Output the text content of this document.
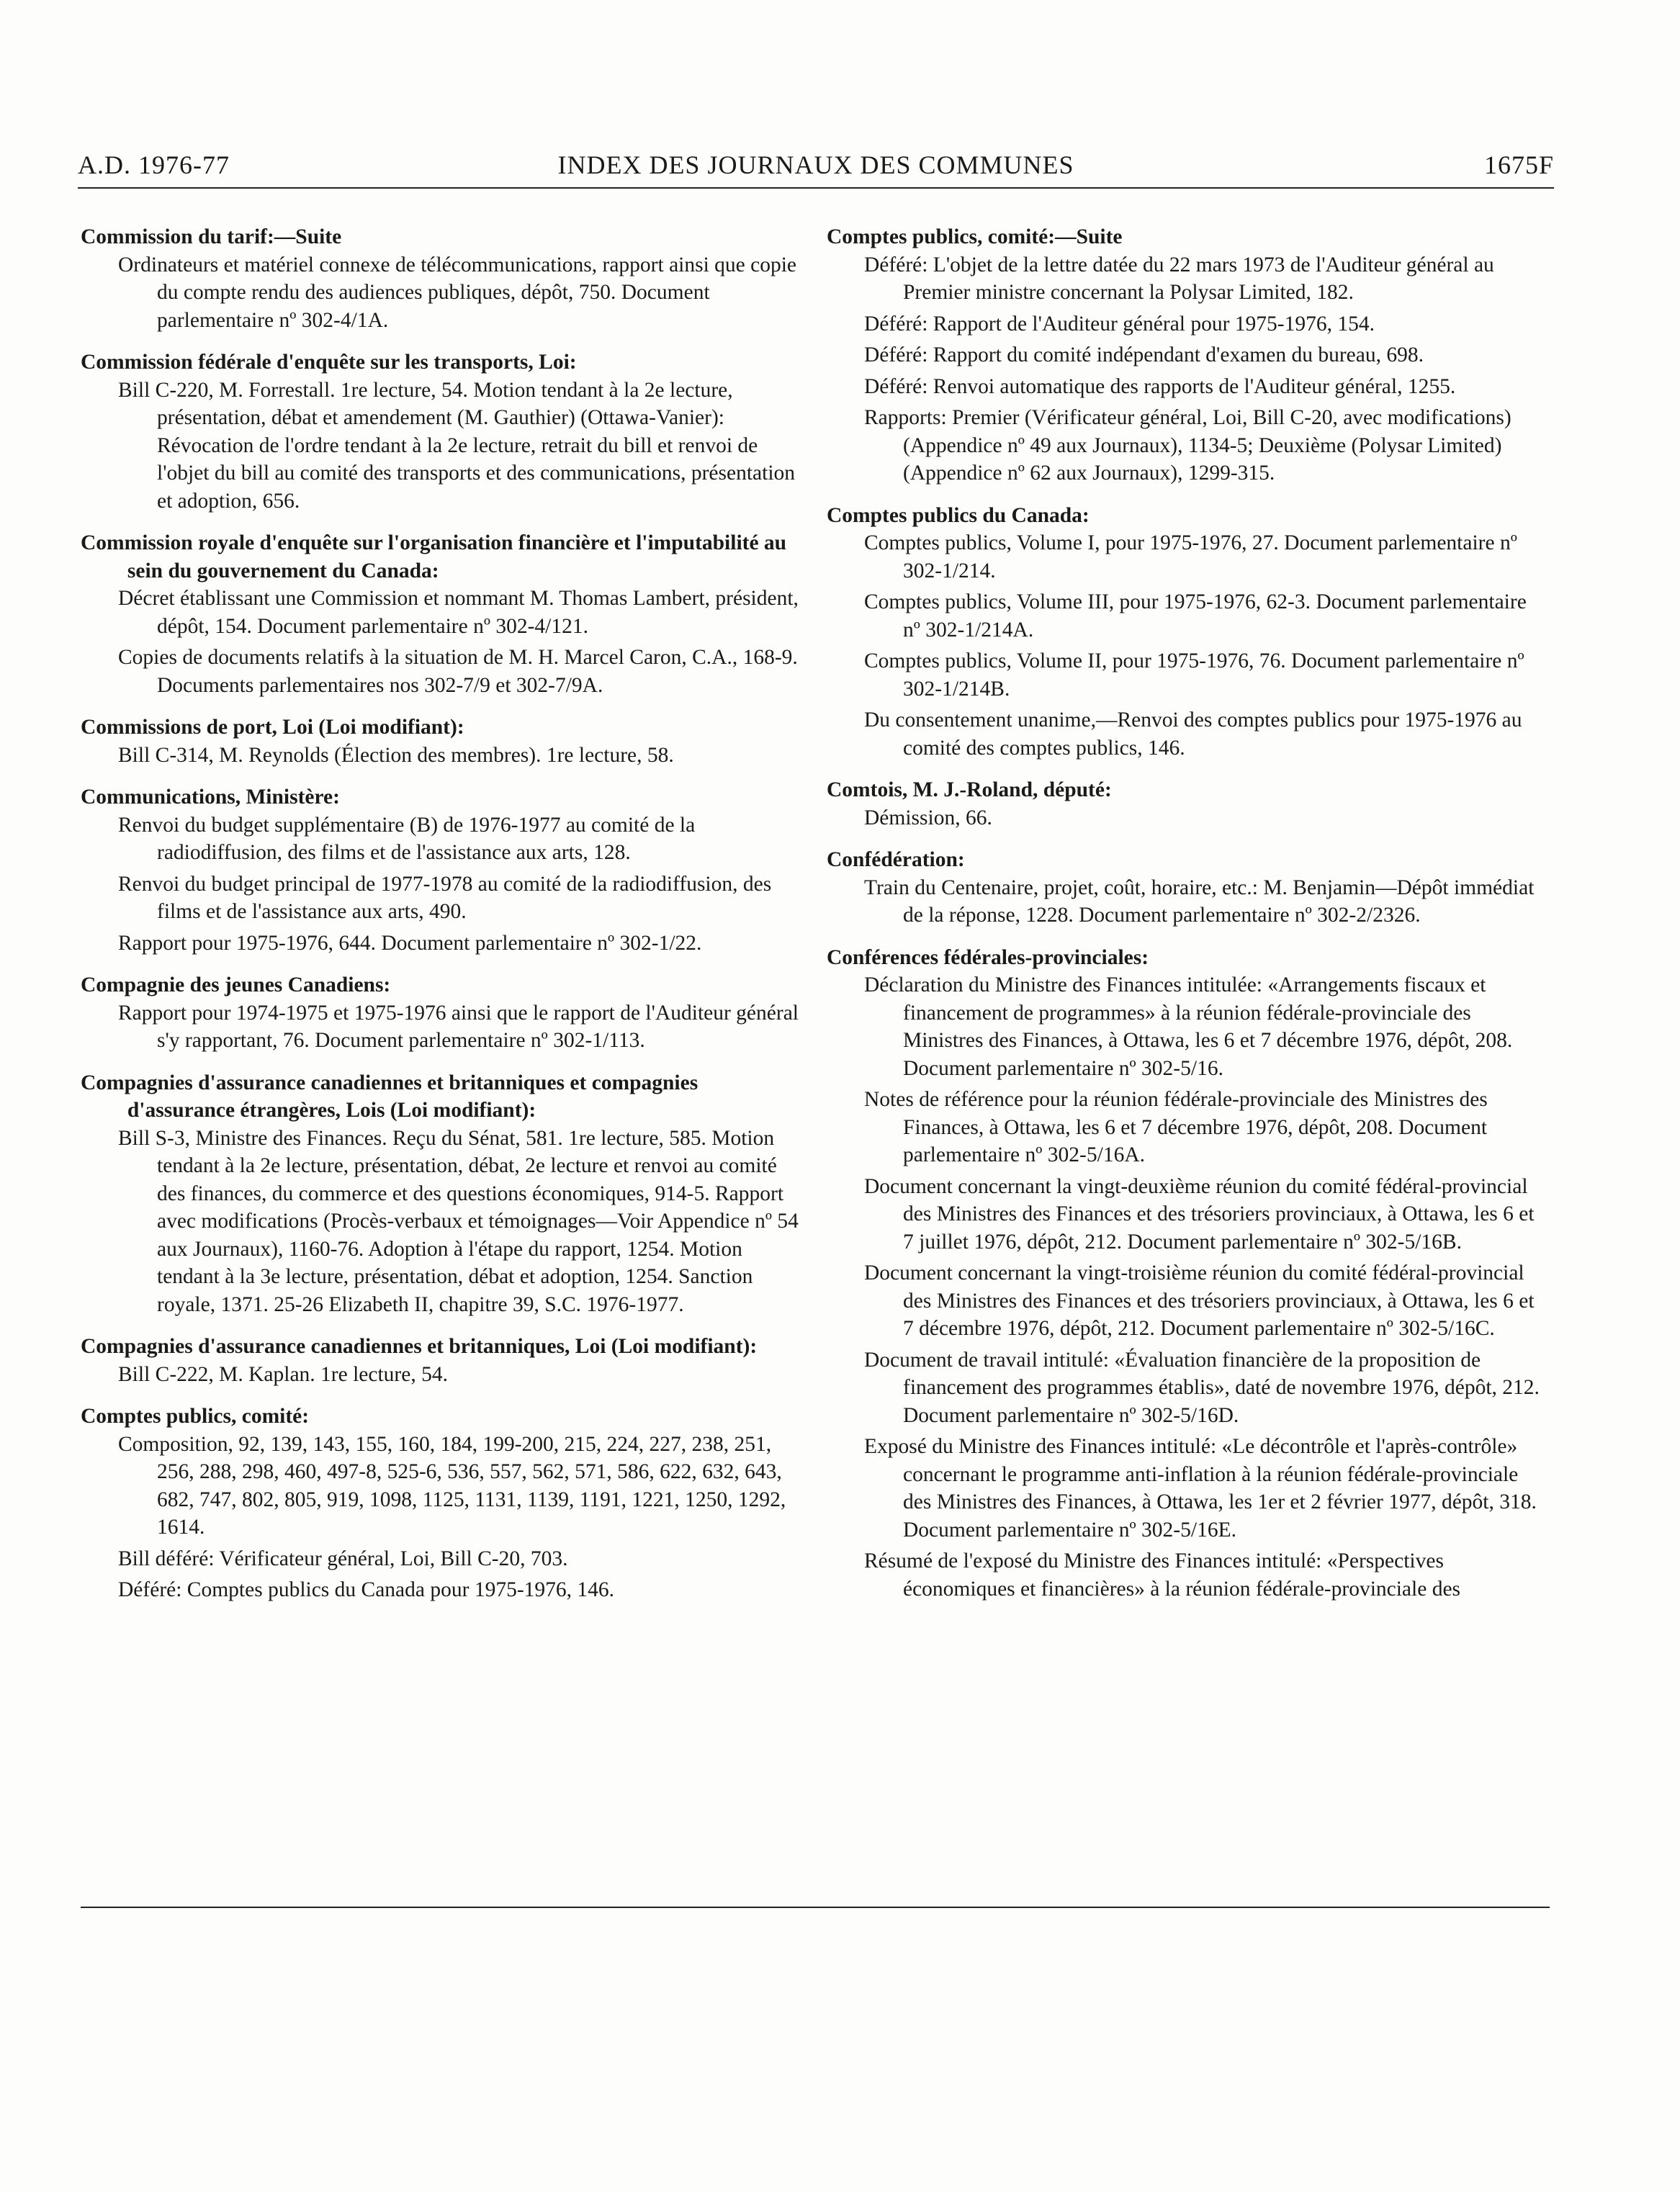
INDEX DES JOURNAUX DES COMMUNES
A.D. 1976-77	1675F
Commission du tarif:—Suite
Ordinateurs et matériel connexe de télécommunications, rapport ainsi que copie du compte rendu des audiences publiques, dépôt, 750. Document parlementaire nº 302-4/1A.
Commission fédérale d'enquête sur les transports, Loi:
Bill C-220, M. Forrestall. 1re lecture, 54. Motion tendant à la 2e lecture, présentation, débat et amendement (M. Gauthier) (Ottawa-Vanier): Révocation de l'ordre tendant à la 2e lecture, retrait du bill et renvoi de l'objet du bill au comité des transports et des communications, présentation et adoption, 656.
Commission royale d'enquête sur l'organisation financière et l'imputabilité au sein du gouvernement du Canada:
Décret établissant une Commission et nommant M. Thomas Lambert, président, dépôt, 154. Document parlementaire nº 302-4/121.
Copies de documents relatifs à la situation de M. H. Marcel Caron, C.A., 168-9. Documents parlementaires nos 302-7/9 et 302-7/9A.
Commissions de port, Loi (Loi modifiant):
Bill C-314, M. Reynolds (Élection des membres). 1re lecture, 58.
Communications, Ministère:
Renvoi du budget supplémentaire (B) de 1976-1977 au comité de la radiodiffusion, des films et de l'assistance aux arts, 128.
Renvoi du budget principal de 1977-1978 au comité de la radiodiffusion, des films et de l'assistance aux arts, 490.
Rapport pour 1975-1976, 644. Document parlementaire nº 302-1/22.
Compagnie des jeunes Canadiens:
Rapport pour 1974-1975 et 1975-1976 ainsi que le rapport de l'Auditeur général s'y rapportant, 76. Document parlementaire nº 302-1/113.
Compagnies d'assurance canadiennes et britanniques et compagnies d'assurance étrangères, Lois (Loi modifiant):
Bill S-3, Ministre des Finances. Reçu du Sénat, 581. 1re lecture, 585. Motion tendant à la 2e lecture, présentation, débat, 2e lecture et renvoi au comité des finances, du commerce et des questions économiques, 914-5. Rapport avec modifications (Procès-verbaux et témoignages—Voir Appendice nº 54 aux Journaux), 1160-76. Adoption à l'étape du rapport, 1254. Motion tendant à la 3e lecture, présentation, débat et adoption, 1254. Sanction royale, 1371. 25-26 Elizabeth II, chapitre 39, S.C. 1976-1977.
Compagnies d'assurance canadiennes et britanniques, Loi (Loi modifiant):
Bill C-222, M. Kaplan. 1re lecture, 54.
Comptes publics, comité:
Composition, 92, 139, 143, 155, 160, 184, 199-200, 215, 224, 227, 238, 251, 256, 288, 298, 460, 497-8, 525-6, 536, 557, 562, 571, 586, 622, 632, 643, 682, 747, 802, 805, 919, 1098, 1125, 1131, 1139, 1191, 1221, 1250, 1292, 1614.
Bill déféré: Vérificateur général, Loi, Bill C-20, 703.
Déféré: Comptes publics du Canada pour 1975-1976, 146.
Comptes publics, comité:—Suite
Déféré: L'objet de la lettre datée du 22 mars 1973 de l'Auditeur général au Premier ministre concernant la Polysar Limited, 182.
Déféré: Rapport de l'Auditeur général pour 1975-1976, 154.
Déféré: Rapport du comité indépendant d'examen du bureau, 698.
Déféré: Renvoi automatique des rapports de l'Auditeur général, 1255.
Rapports: Premier (Vérificateur général, Loi, Bill C-20, avec modifications) (Appendice nº 49 aux Journaux), 1134-5; Deuxième (Polysar Limited) (Appendice nº 62 aux Journaux), 1299-315.
Comptes publics du Canada:
Comptes publics, Volume I, pour 1975-1976, 27. Document parlementaire nº 302-1/214.
Comptes publics, Volume III, pour 1975-1976, 62-3. Document parlementaire nº 302-1/214A.
Comptes publics, Volume II, pour 1975-1976, 76. Document parlementaire nº 302-1/214B.
Du consentement unanime,—Renvoi des comptes publics pour 1975-1976 au comité des comptes publics, 146.
Comtois, M. J.-Roland, député:
Démission, 66.
Confédération:
Train du Centenaire, projet, coût, horaire, etc.: M. Benjamin—Dépôt immédiat de la réponse, 1228. Document parlementaire nº 302-2/2326.
Conférences fédérales-provinciales:
Déclaration du Ministre des Finances intitulée: «Arrangements fiscaux et financement de programmes» à la réunion fédérale-provinciale des Ministres des Finances, à Ottawa, les 6 et 7 décembre 1976, dépôt, 208. Document parlementaire nº 302-5/16.
Notes de référence pour la réunion fédérale-provinciale des Ministres des Finances, à Ottawa, les 6 et 7 décembre 1976, dépôt, 208. Document parlementaire nº 302-5/16A.
Document concernant la vingt-deuxième réunion du comité fédéral-provincial des Ministres des Finances et des trésoriers provinciaux, à Ottawa, les 6 et 7 juillet 1976, dépôt, 212. Document parlementaire nº 302-5/16B.
Document concernant la vingt-troisième réunion du comité fédéral-provincial des Ministres des Finances et des trésoriers provinciaux, à Ottawa, les 6 et 7 décembre 1976, dépôt, 212. Document parlementaire nº 302-5/16C.
Document de travail intitulé: «Évaluation financière de la proposition de financement des programmes établis», daté de novembre 1976, dépôt, 212. Document parlementaire nº 302-5/16D.
Exposé du Ministre des Finances intitulé: «Le décontrôle et l'après-contrôle» concernant le programme anti-inflation à la réunion fédérale-provinciale des Ministres des Finances, à Ottawa, les 1er et 2 février 1977, dépôt, 318. Document parlementaire nº 302-5/16E.
Résumé de l'exposé du Ministre des Finances intitulé: «Perspectives économiques et financières» à la réunion fédérale-provinciale des
